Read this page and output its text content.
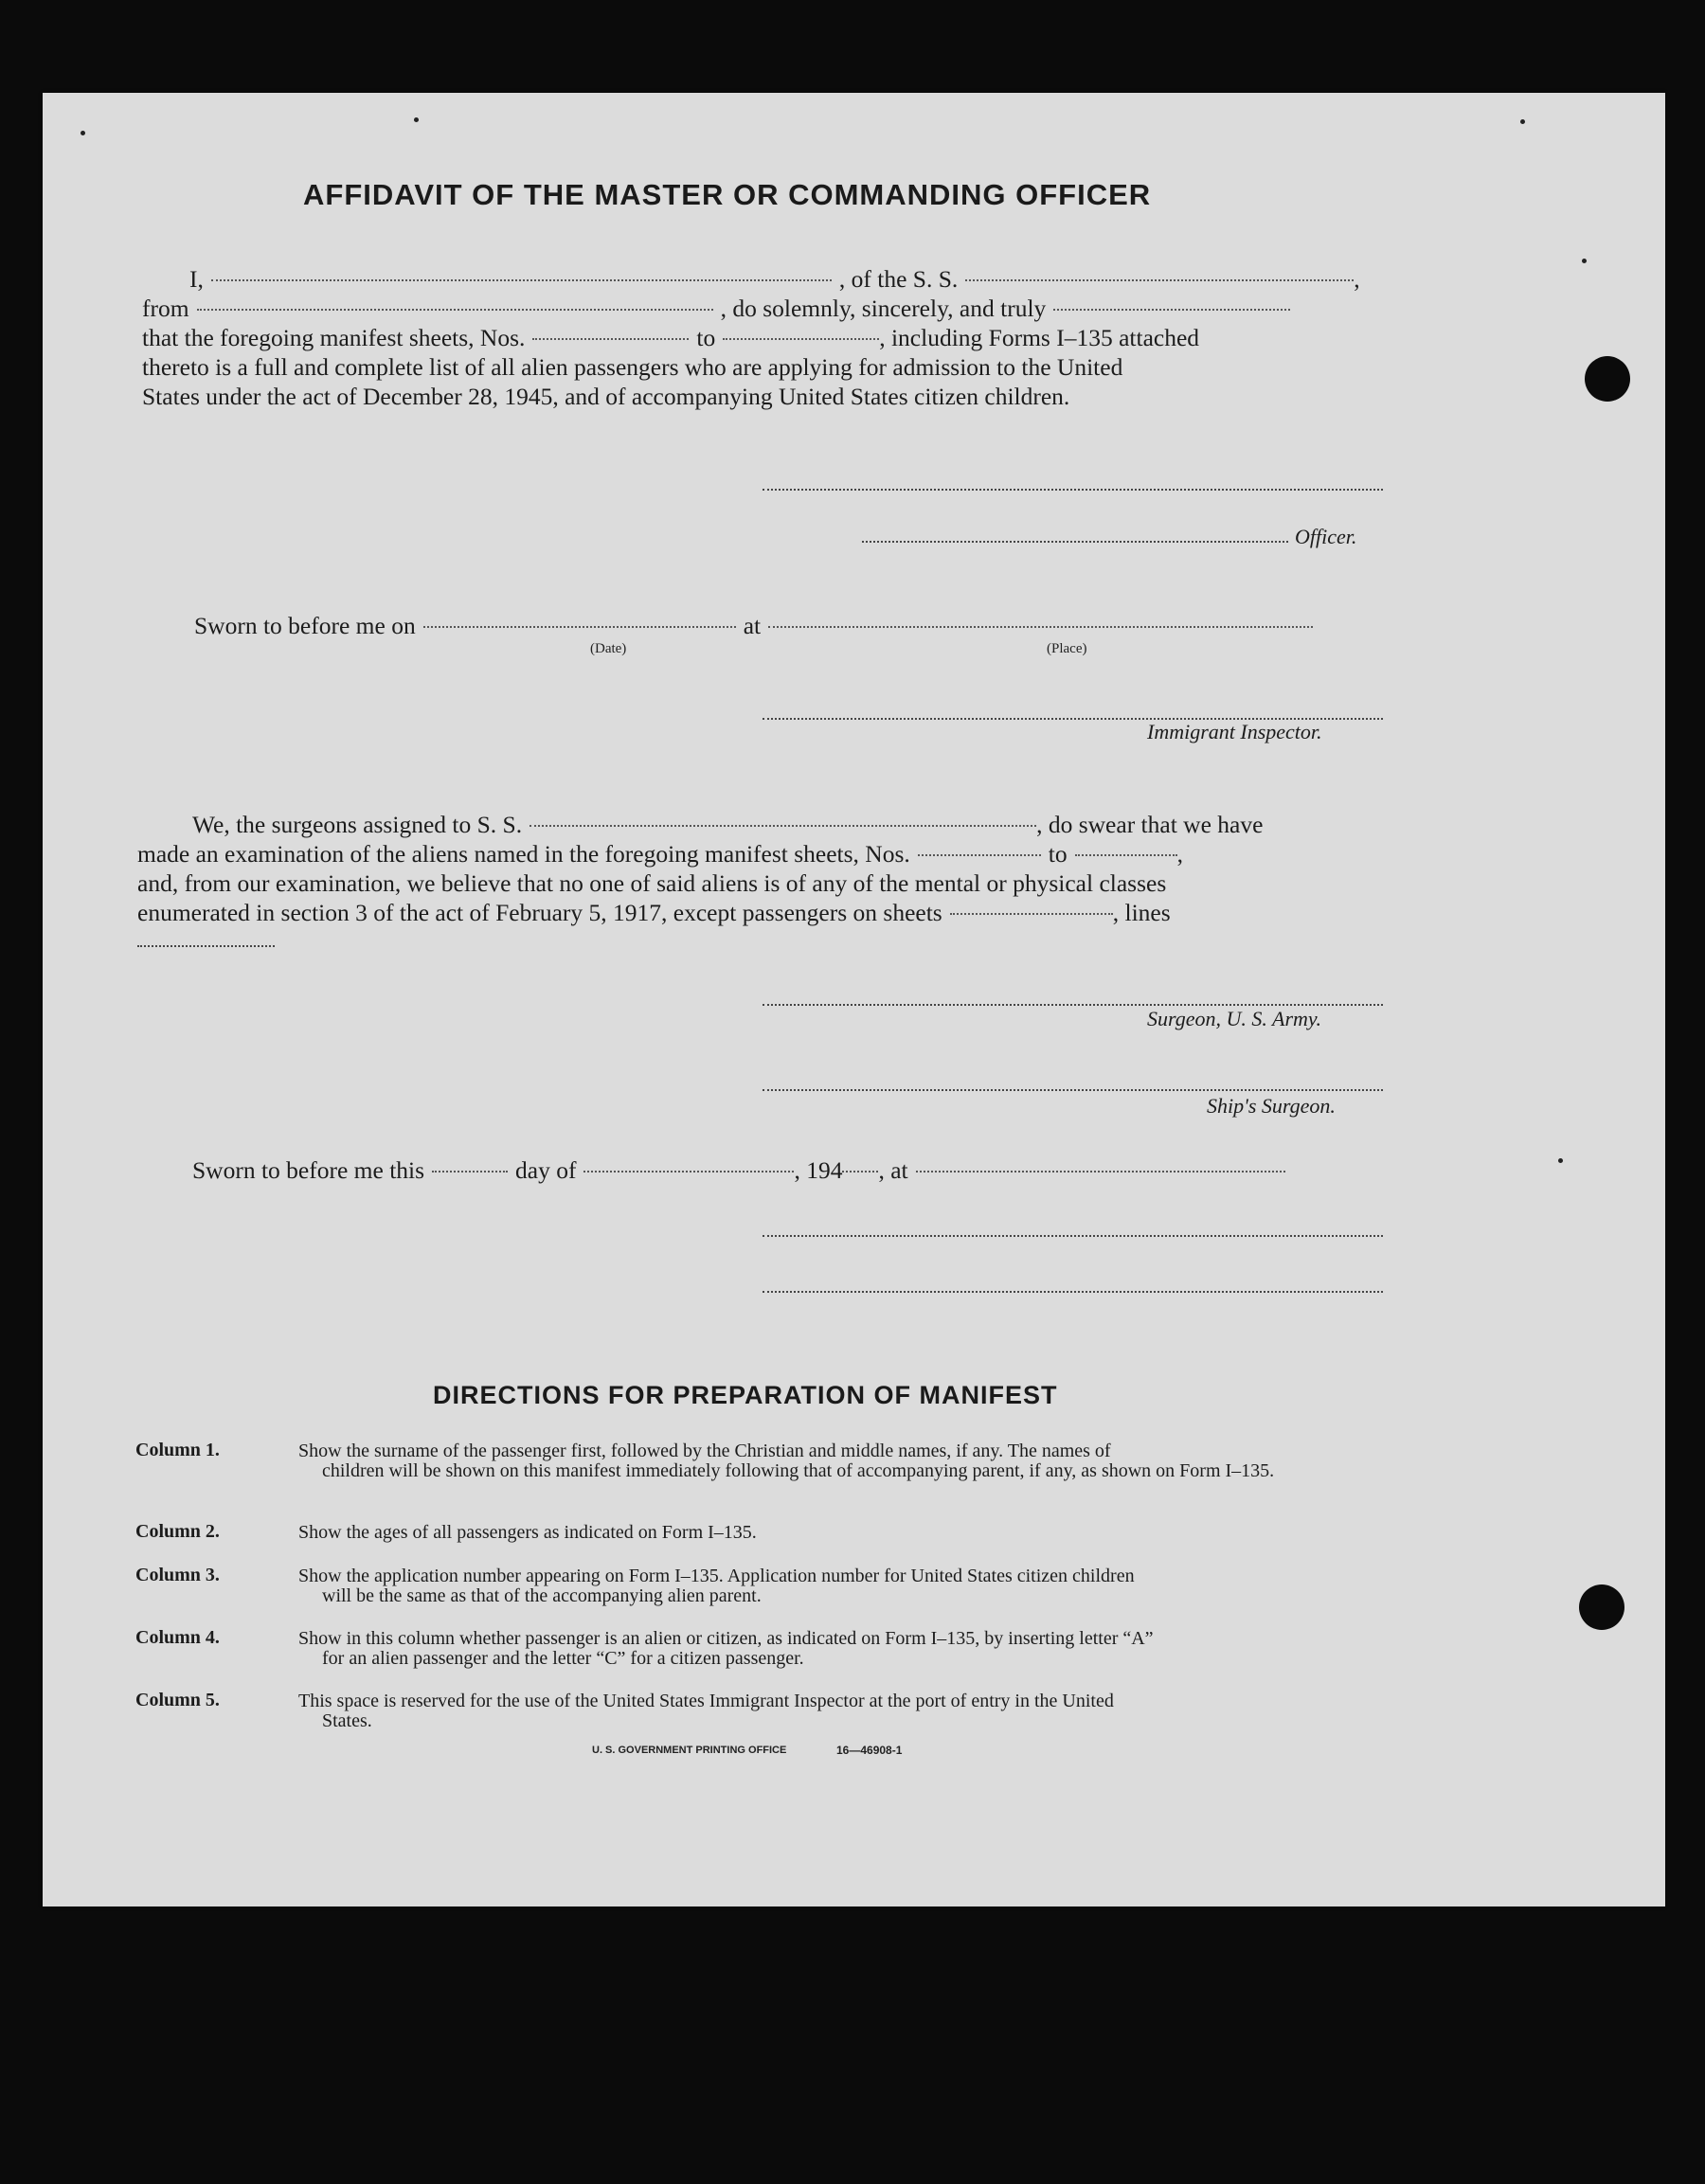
AFFIDAVIT OF THE MASTER OR COMMANDING OFFICER
I,	, of the S. S.	,
from	, do solemnly, sincerely, and truly
that the foregoing manifest sheets, Nos.	to	, including Forms I–135 attached
thereto is a full and complete list of all alien passengers who are applying for admission to the United
States under the act of December 28, 1945, and of accompanying United States citizen children.
Officer.
Sworn to before me on	at
(Date)	(Place)
Immigrant Inspector.
We, the surgeons assigned to S. S.	, do swear that we have
made an examination of the aliens named in the foregoing manifest sheets, Nos.	to	,
and, from our examination, we believe that no one of said aliens is of any of the mental or physical classes
enumerated in section 3 of the act of February 5, 1917, except passengers on sheets	, lines
Surgeon, U. S. Army.
Ship's Surgeon.
Sworn to before me this	day of	, 194 , at
DIRECTIONS FOR PREPARATION OF MANIFEST
Column 1.	Show the surname of the passenger first, followed by the Christian and middle names, if any. The names of
children will be shown on this manifest immediately following that of accompanying parent, if any, as shown on Form I–135.
Column 2.	Show the ages of all passengers as indicated on Form I–135.
Column 3.	Show the application number appearing on Form I–135. Application number for United States citizen children
will be the same as that of the accompanying alien parent.
Column 4.	Show in this column whether passenger is an alien or citizen, as indicated on Form I–135, by inserting letter “A”
for an alien passenger and the letter “C” for a citizen passenger.
Column 5.	This space is reserved for the use of the United States Immigrant Inspector at the port of entry in the United
States.
U. S. GOVERNMENT PRINTING OFFICE	16—46908-1
